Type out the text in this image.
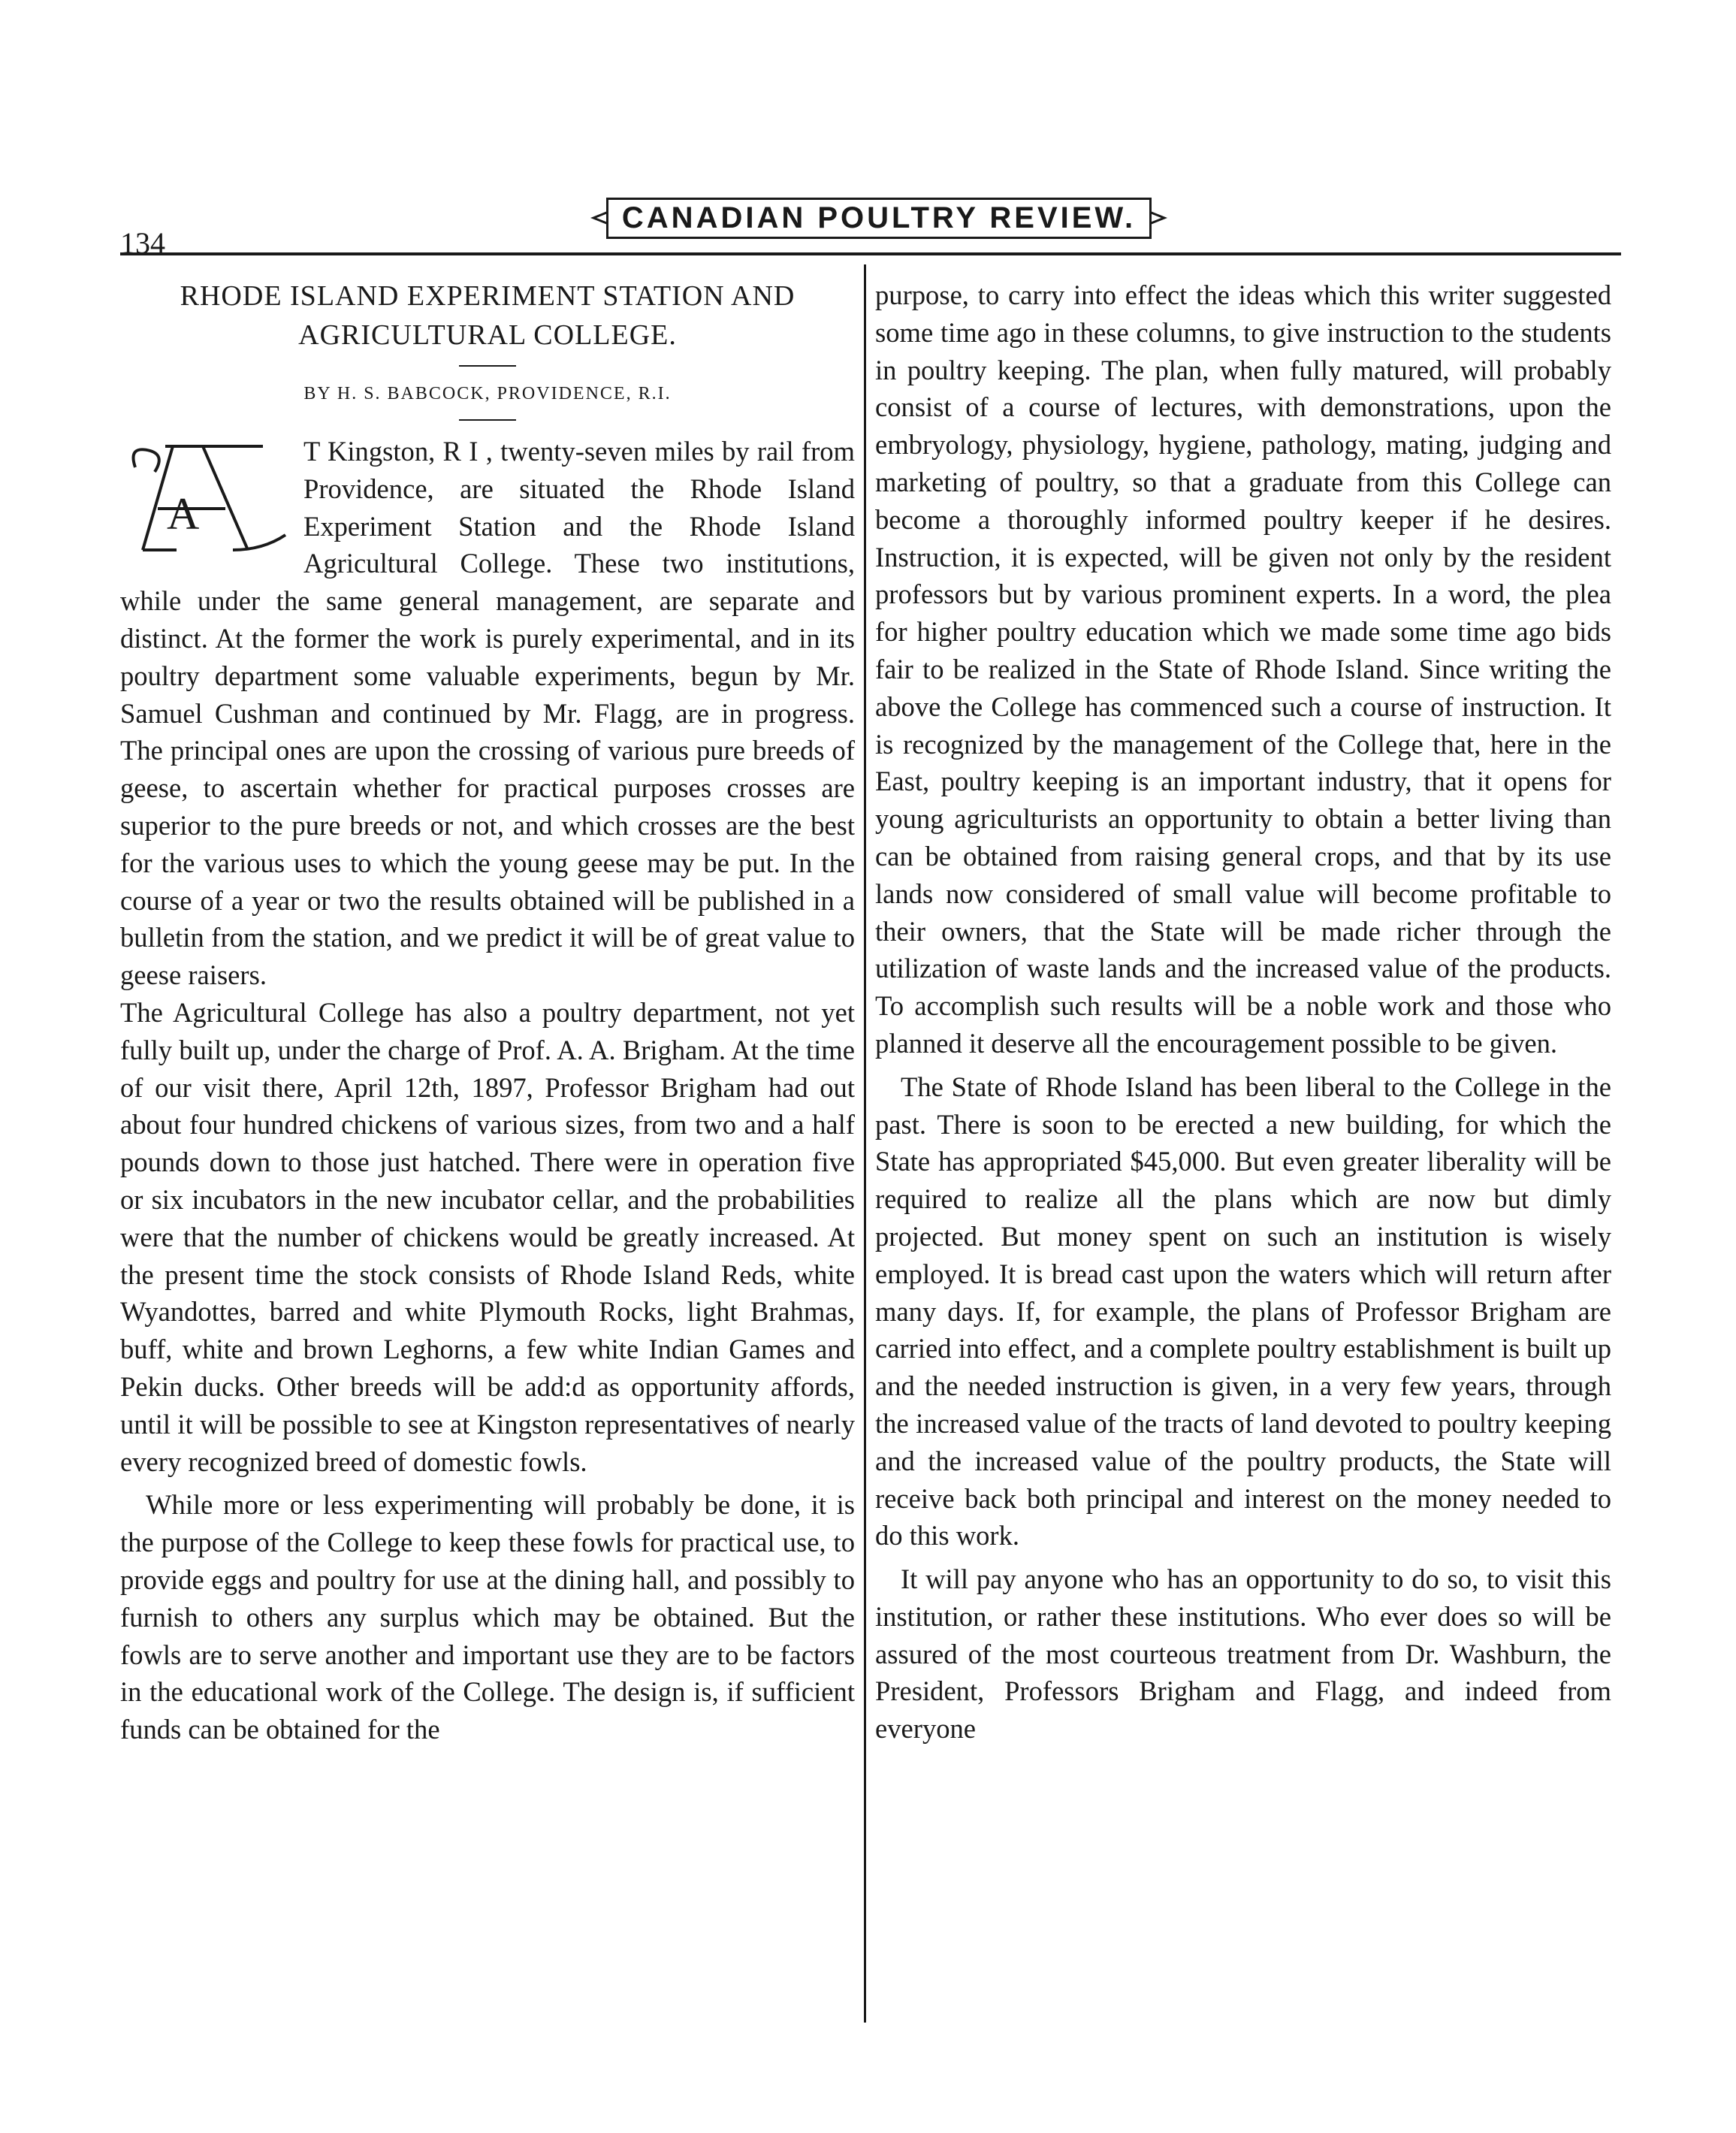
134
CANADIAN POULTRY REVIEW.
RHODE ISLAND EXPERIMENT STATION AND AGRICULTURAL COLLEGE.
BY H. S. BABCOCK, PROVIDENCE, R.I.
A

T Kingston, R I , twenty-seven miles by rail from Providence, are situated the Rhode Island Experiment Station and the Rhode Island Agricultural College. These two institutions, while under the same general management, are separate and distinct. At the former the work is purely experimental, and in its poultry department some valuable experiments, begun by Mr. Samuel Cushman and continued by Mr. Flagg, are in progress. The principal ones are upon the crossing of various pure breeds of geese, to ascertain whether for practical purposes crosses are superior to the pure breeds or not, and which crosses are the best for the various uses to which the young geese may be put. In the course of a year or two the results obtained will be published in a bulletin from the station, and we predict it will be of great value to geese raisers.

The Agricultural College has also a poultry department, not yet fully built up, under the charge of Prof. A. A. Brigham. At the time of our visit there, April 12th, 1897, Professor Brigham had out about four hundred chickens of various sizes, from two and a half pounds down to those just hatched. There were in operation five or six incubators in the new incubator cellar, and the probabilities were that the number of chickens would be greatly increased. At the present time the stock consists of Rhode Island Reds, white Wyandottes, barred and white Plymouth Rocks, light Brahmas, buff, white and brown Leghorns, a few white Indian Games and Pekin ducks. Other breeds will be add:d as opportunity affords, until it will be possible to see at Kingston representatives of nearly every recognized breed of domestic fowls.

While more or less experimenting will probably be done, it is the purpose of the College to keep these fowls for practical use, to provide eggs and poultry for use at the dining hall, and possibly to furnish to others any surplus which may be obtained. But the fowls are to serve another and important use they are to be factors in the educational work of the College. The design is, if sufficient funds can be obtained for the

purpose, to carry into effect the ideas which this writer suggested some time ago in these columns, to give instruction to the students in poultry keeping. The plan, when fully matured, will probably consist of a course of lectures, with demonstrations, upon the embryology, physiology, hygiene, pathology, mating, judging and marketing of poultry, so that a graduate from this College can become a thoroughly informed poultry keeper if he desires. Instruction, it is expected, will be given not only by the resident professors but by various prominent experts. In a word, the plea for higher poultry education which we made some time ago bids fair to be realized in the State of Rhode Island. Since writing the above the College has commenced such a course of instruction. It is recognized by the management of the College that, here in the East, poultry keeping is an important industry, that it opens for young agriculturists an opportunity to obtain a better living than can be obtained from raising general crops, and that by its use lands now considered of small value will become profitable to their owners, that the State will be made richer through the utilization of waste lands and the increased value of the products. To accomplish such results will be a noble work and those who planned it deserve all the encouragement possible to be given.

The State of Rhode Island has been liberal to the College in the past. There is soon to be erected a new building, for which the State has appropriated $45,000. But even greater liberality will be required to realize all the plans which are now but dimly projected. But money spent on such an institution is wisely employed. It is bread cast upon the waters which will return after many days. If, for example, the plans of Professor Brigham are carried into effect, and a complete poultry establishment is built up and the needed instruction is given, in a very few years, through the increased value of the tracts of land devoted to poultry keeping and the increased value of the poultry products, the State will receive back both principal and interest on the money needed to do this work.

It will pay anyone who has an opportunity to do so, to visit this institution, or rather these institutions. Who ever does so will be assured of the most courteous treatment from Dr. Washburn, the President, Professors Brigham and Flagg, and indeed from everyone
